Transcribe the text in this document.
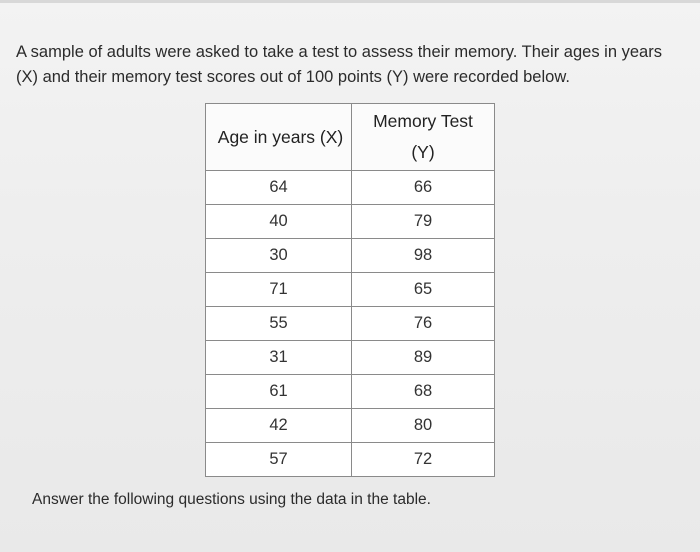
A sample of adults were asked to take a test to assess their memory. Their ages in years

(X) and their memory test scores out of 100 points (Y) were recorded below.

Age in years (X)	Memory Test
(Y)

64	66
40	79
30	98
71	65
55	76
31	89
61	68
42	80
57	72
Answer the following questions using the data in the table.
